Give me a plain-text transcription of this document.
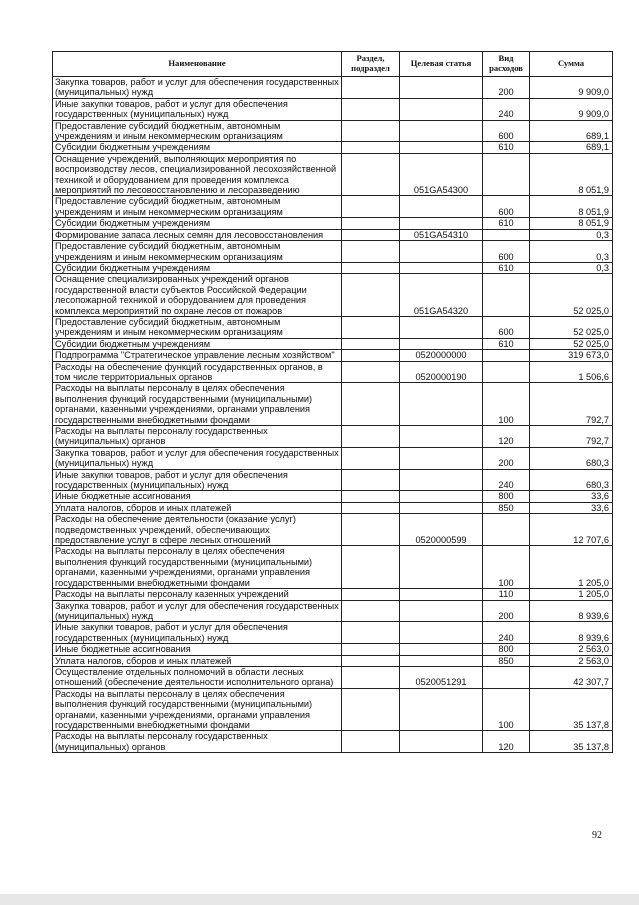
Наименование	Раздел, подраздел	Целевая статья	Вид расходов	Сумма
Закупка товаров, работ и услуг для обеспечения государственных (муниципальных) нужд			200	9 909,0
Иные закупки товаров, работ и услуг для обеспечения государственных (муниципальных) нужд			240	9 909,0
Предоставление субсидий бюджетным, автономным учреждениям и иным некоммерческим организациям			600	689,1
Субсидии бюджетным учреждениям			610	689,1
Оснащение учреждений, выполняющих мероприятия по воспроизводству лесов, специализированной лесохозяйственной техникой и оборудованием для проведения комплекса мероприятий по лесовосстановлению и лесоразведению		051GA54300		8 051,9
Предоставление субсидий бюджетным, автономным учреждениям и иным некоммерческим организациям			600	8 051,9
Субсидии бюджетным учреждениям			610	8 051,9
Формирование запаса лесных семян для лесовосстановления		051GA54310		0,3
Предоставление субсидий бюджетным, автономным учреждениям и иным некоммерческим организациям			600	0,3
Субсидии бюджетным учреждениям			610	0,3
Оснащение специализированных учреждений органов государственной власти субъектов Российской Федерации лесопожарной техникой и оборудованием для проведения комплекса мероприятий по охране лесов от пожаров		051GA54320		52 025,0
Предоставление субсидий бюджетным, автономным учреждениям и иным некоммерческим организациям			600	52 025,0
Субсидии бюджетным учреждениям			610	52 025,0
Подпрограмма "Стратегическое управление лесным хозяйством"		0520000000		319 673,0
Расходы на обеспечение функций государственных органов, в том числе территориальных органов		0520000190		1 506,6
Расходы на выплаты персоналу в целях обеспечения выполнения функций государственными (муниципальными) органами, казенными учреждениями, органами управления государственными внебюджетными фондами			100	792,7
Расходы на выплаты персоналу государственных (муниципальных) органов			120	792,7
Закупка товаров, работ и услуг для обеспечения государственных (муниципальных) нужд			200	680,3
Иные закупки товаров, работ и услуг для обеспечения государственных (муниципальных) нужд			240	680,3
Иные бюджетные ассигнования			800	33,6
Уплата налогов, сборов и иных платежей			850	33,6
Расходы на обеспечение деятельности (оказание услуг) подведомственных учреждений, обеспечивающих предоставление услуг в сфере лесных отношений		0520000599		12 707,6
Расходы на выплаты персоналу в целях обеспечения выполнения функций государственными (муниципальными) органами, казенными учреждениями, органами управления государственными внебюджетными фондами			100	1 205,0
Расходы на выплаты персоналу казенных учреждений			110	1 205,0
Закупка товаров, работ и услуг для обеспечения государственных (муниципальных) нужд			200	8 939,6
Иные закупки товаров, работ и услуг для обеспечения государственных (муниципальных) нужд			240	8 939,6
Иные бюджетные ассигнования			800	2 563,0
Уплата налогов, сборов и иных платежей			850	2 563,0
Осуществление отдельных полномочий в области лесных отношений (обеспечение деятельности исполнительного органа)		0520051291		42 307,7
Расходы на выплаты персоналу в целях обеспечения выполнения функций государственными (муниципальными) органами, казенными учреждениями, органами управления государственными внебюджетными фондами			100	35 137,8
Расходы на выплаты персоналу государственных (муниципальных) органов			120	35 137,8
92
